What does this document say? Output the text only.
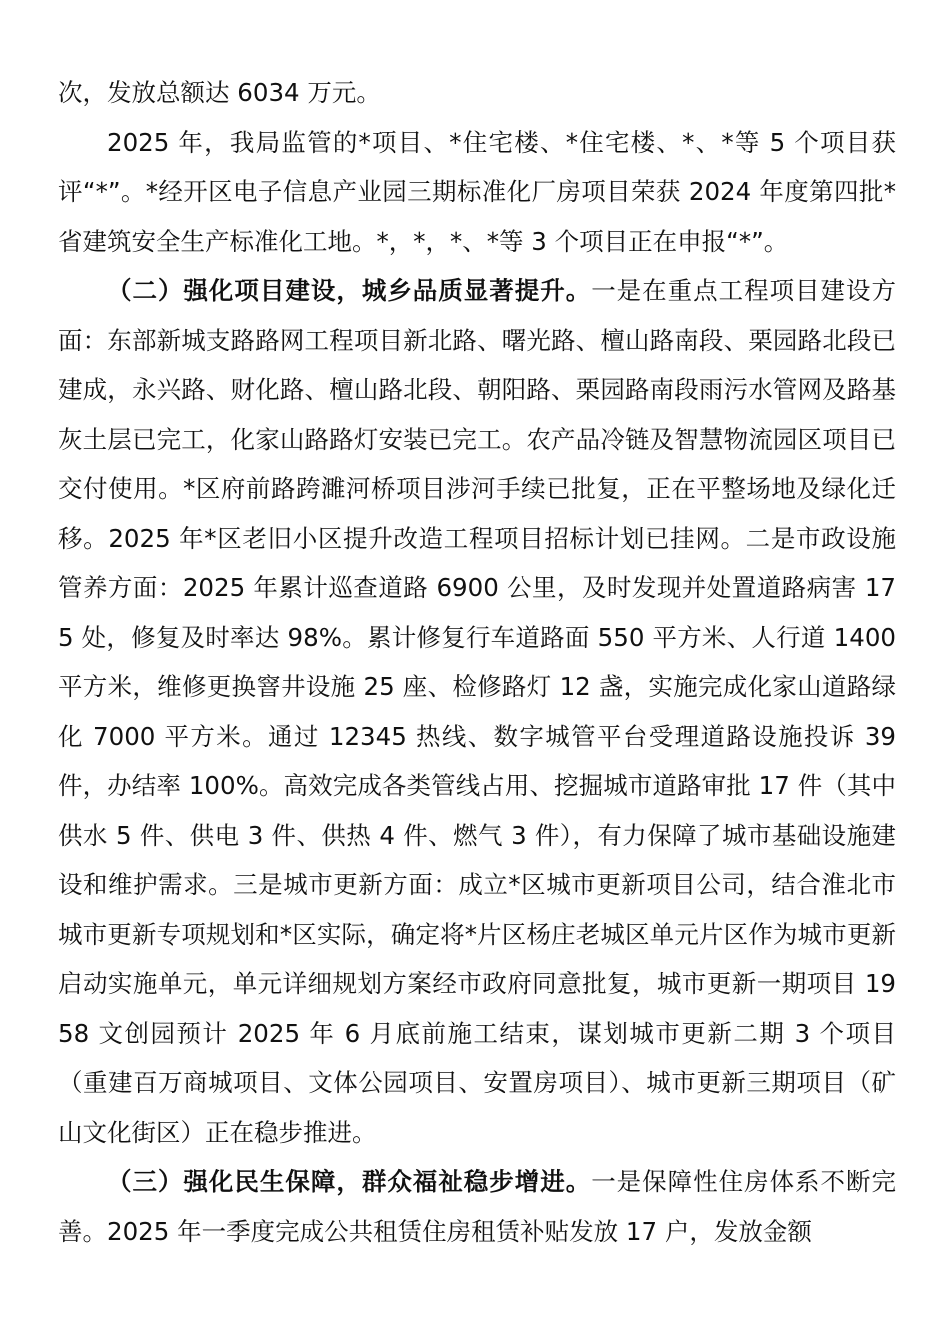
次，发放总额达 6034 万元。

2025 年，我局监管的*项目、*住宅楼、*住宅楼、*、*等 5 个项目获评“*”。*经开区电子信息产业园三期标准化厂房项目荣获 2024 年度第四批*省建筑安全生产标准化工地。*，*，*、*等 3 个项目正在申报“*”。

（二）强化项目建设，城乡品质显著提升。一是在重点工程项目建设方面：东部新城支路路网工程项目新北路、曙光路、檀山路南段、栗园路北段已建成，永兴路、财化路、檀山路北段、朝阳路、栗园路南段雨污水管网及路基灰土层已完工，化家山路路灯安装已完工。农产品冷链及智慧物流园区项目已交付使用。*区府前路跨濉河桥项目涉河手续已批复，正在平整场地及绿化迁移。2025 年*区老旧小区提升改造工程项目招标计划已挂网。二是市政设施管养方面：2025 年累计巡查道路 6900 公里，及时发现并处置道路病害 175 处，修复及时率达 98%。累计修复行车道路面 550 平方米、人行道 1400 平方米，维修更换窨井设施 25 座、检修路灯 12 盏，实施完成化家山道路绿化 7000 平方米。通过 12345 热线、数字城管平台受理道路设施投诉 39 件，办结率 100%。高效完成各类管线占用、挖掘城市道路审批 17 件（其中供水 5 件、供电 3 件、供热 4 件、燃气 3 件），有力保障了城市基础设施建设和维护需求。三是城市更新方面：成立*区城市更新项目公司，结合淮北市城市更新专项规划和*区实际，确定将*片区杨庄老城区单元片区作为城市更新启动实施单元，单元详细规划方案经市政府同意批复，城市更新一期项目 1958 文创园预计 2025 年 6 月底前施工结束，谋划城市更新二期 3 个项目（重建百万商城项目、文体公园项目、安置房项目）、城市更新三期项目（矿山文化街区）正在稳步推进。

（三）强化民生保障，群众福祉稳步增进。一是保障性住房体系不断完善。2025 年一季度完成公共租赁住房租赁补贴发放 17 户，发放金额
